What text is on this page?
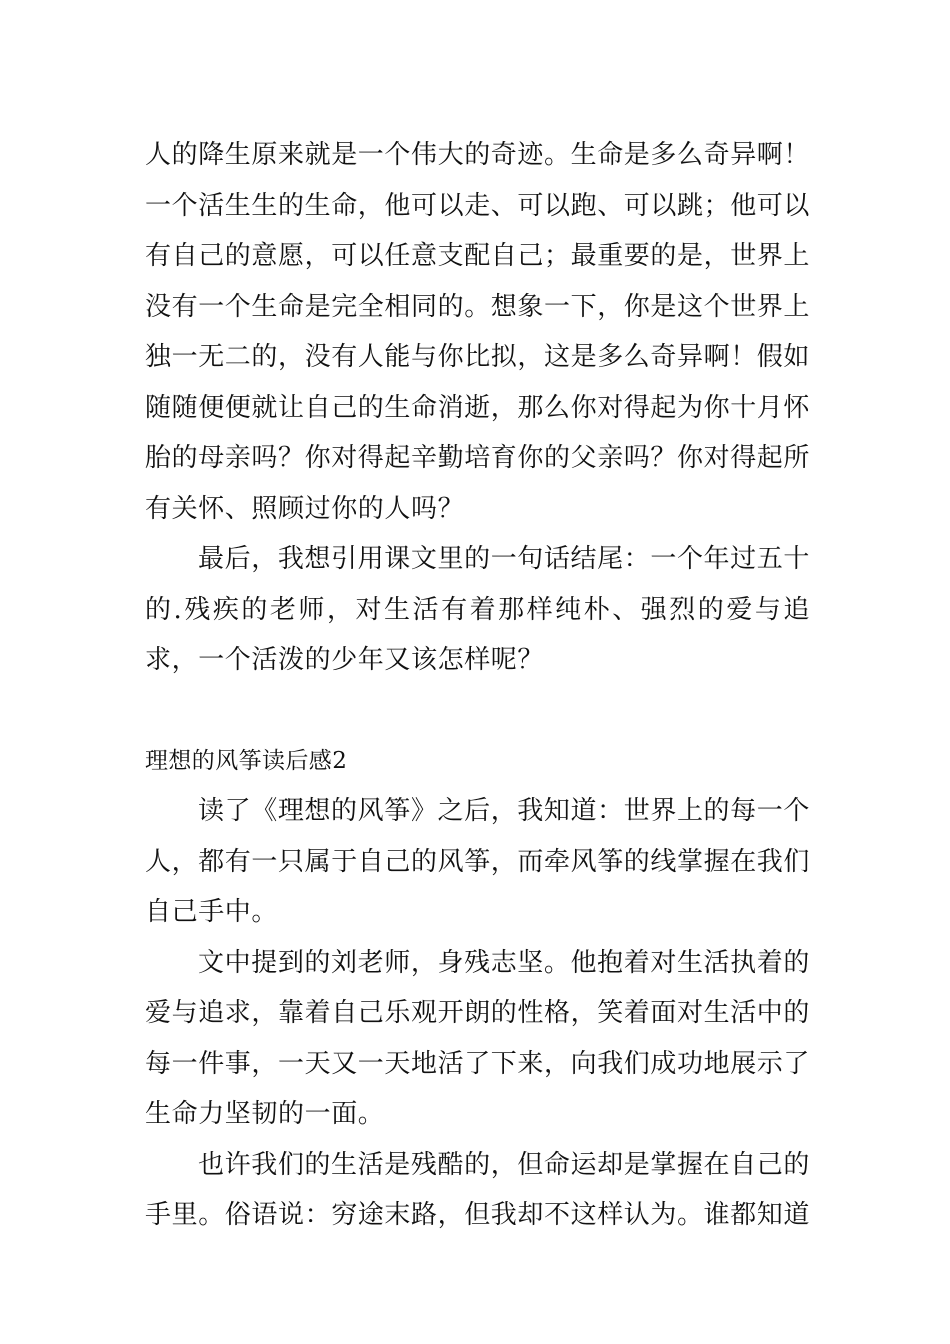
人的降生原来就是一个伟大的奇迹。生命是多么奇异啊！一个活生生的生命，他可以走、可以跑、可以跳；他可以有自己的意愿，可以任意支配自己；最重要的是，世界上没有一个生命是完全相同的。想象一下，你是这个世界上独一无二的，没有人能与你比拟，这是多么奇异啊！假如随随便便就让自己的生命消逝，那么你对得起为你十月怀胎的母亲吗？你对得起辛勤培育你的父亲吗？你对得起所有关怀、照顾过你的人吗？

最后，我想引用课文里的一句话结尾：一个年过五十的.残疾的老师，对生活有着那样纯朴、强烈的爱与追求，一个活泼的少年又该怎样呢？

理想的风筝读后感2

读了《理想的风筝》之后，我知道：世界上的每一个人，都有一只属于自己的风筝，而牵风筝的线掌握在我们自己手中。

文中提到的刘老师，身残志坚。他抱着对生活执着的爱与追求，靠着自己乐观开朗的性格，笑着面对生活中的每一件事，一天又一天地活了下来，向我们成功地展示了生命力坚韧的一面。

也许我们的生活是残酷的，但命运却是掌握在自己的手里。俗语说：穷途末路，但我却不这样认为。谁都知道
